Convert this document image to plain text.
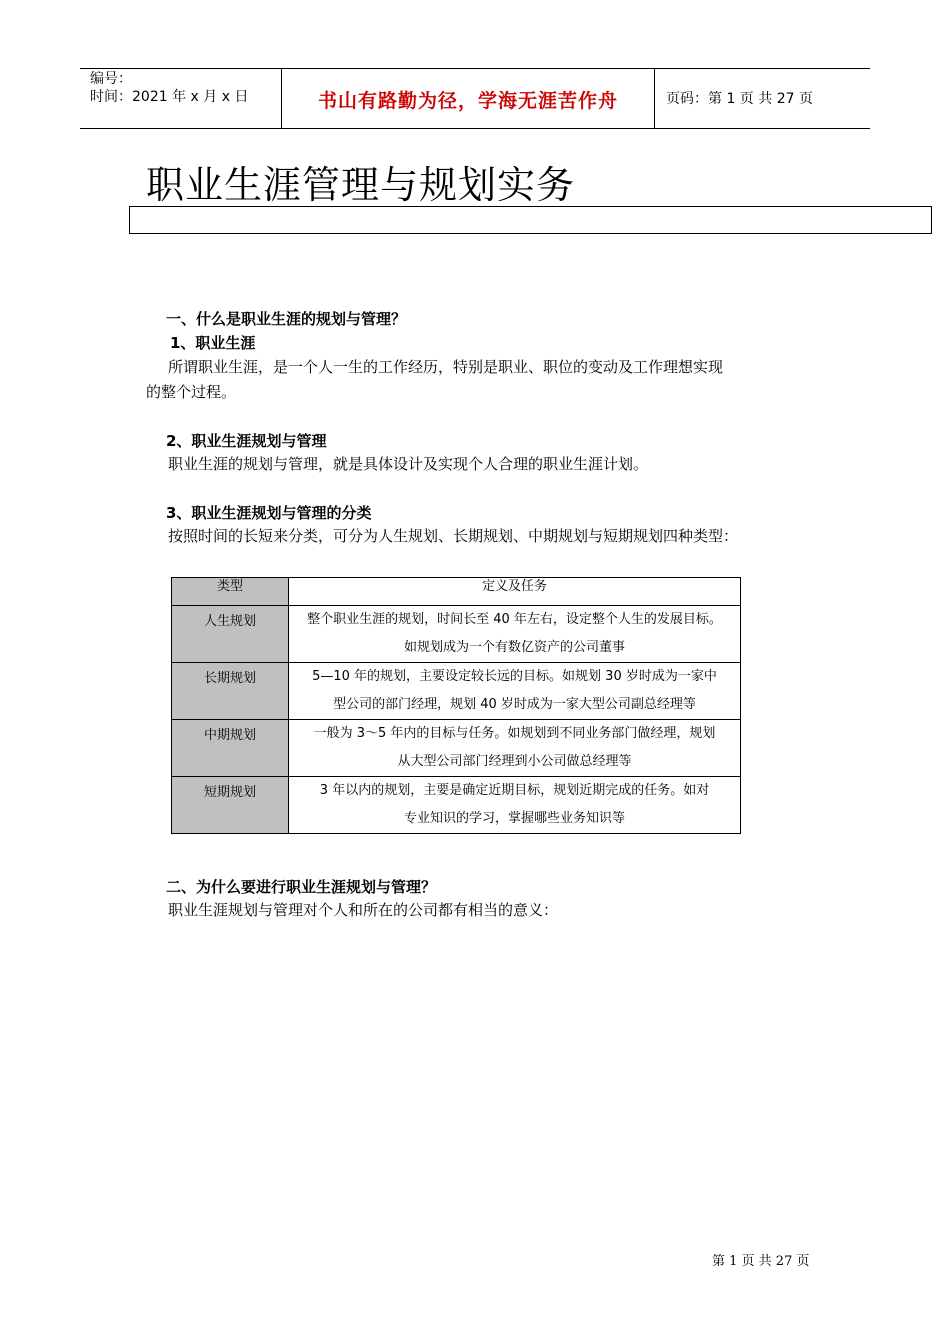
编号：
时间：2021 年 x 月 x 日	书山有路勤为径，学海无涯苦作舟	页码：第 1 页 共 27 页
职业生涯管理与规划实务
一、什么是职业生涯的规划与管理？
1、职业生涯
所谓职业生涯，是一个人一生的工作经历，特别是职业、职位的变动及工作理想实现
的整个过程。
2、职业生涯规划与管理
职业生涯的规划与管理，就是具体设计及实现个人合理的职业生涯计划。
3、职业生涯规划与管理的分类
按照时间的长短来分类，可分为人生规划、长期规划、中期规划与短期规划四种类型：
类型	定义及任务

人生规划	整个职业生涯的规划，时间长至 40 年左右，设定整个人生的发展目标。
如规划成为一个有数亿资产的公司董事

长期规划	5—10 年的规划，主要设定较长远的目标。如规划 30 岁时成为一家中
型公司的部门经理，规划 40 岁时成为一家大型公司副总经理等

中期规划	一般为 3～5 年内的目标与任务。如规划到不同业务部门做经理，规划
从大型公司部门经理到小公司做总经理等

短期规划	3 年以内的规划，主要是确定近期目标，规划近期完成的任务。如对
专业知识的学习，掌握哪些业务知识等
二、为什么要进行职业生涯规划与管理？
职业生涯规划与管理对个人和所在的公司都有相当的意义：
第 1 页 共 27 页
